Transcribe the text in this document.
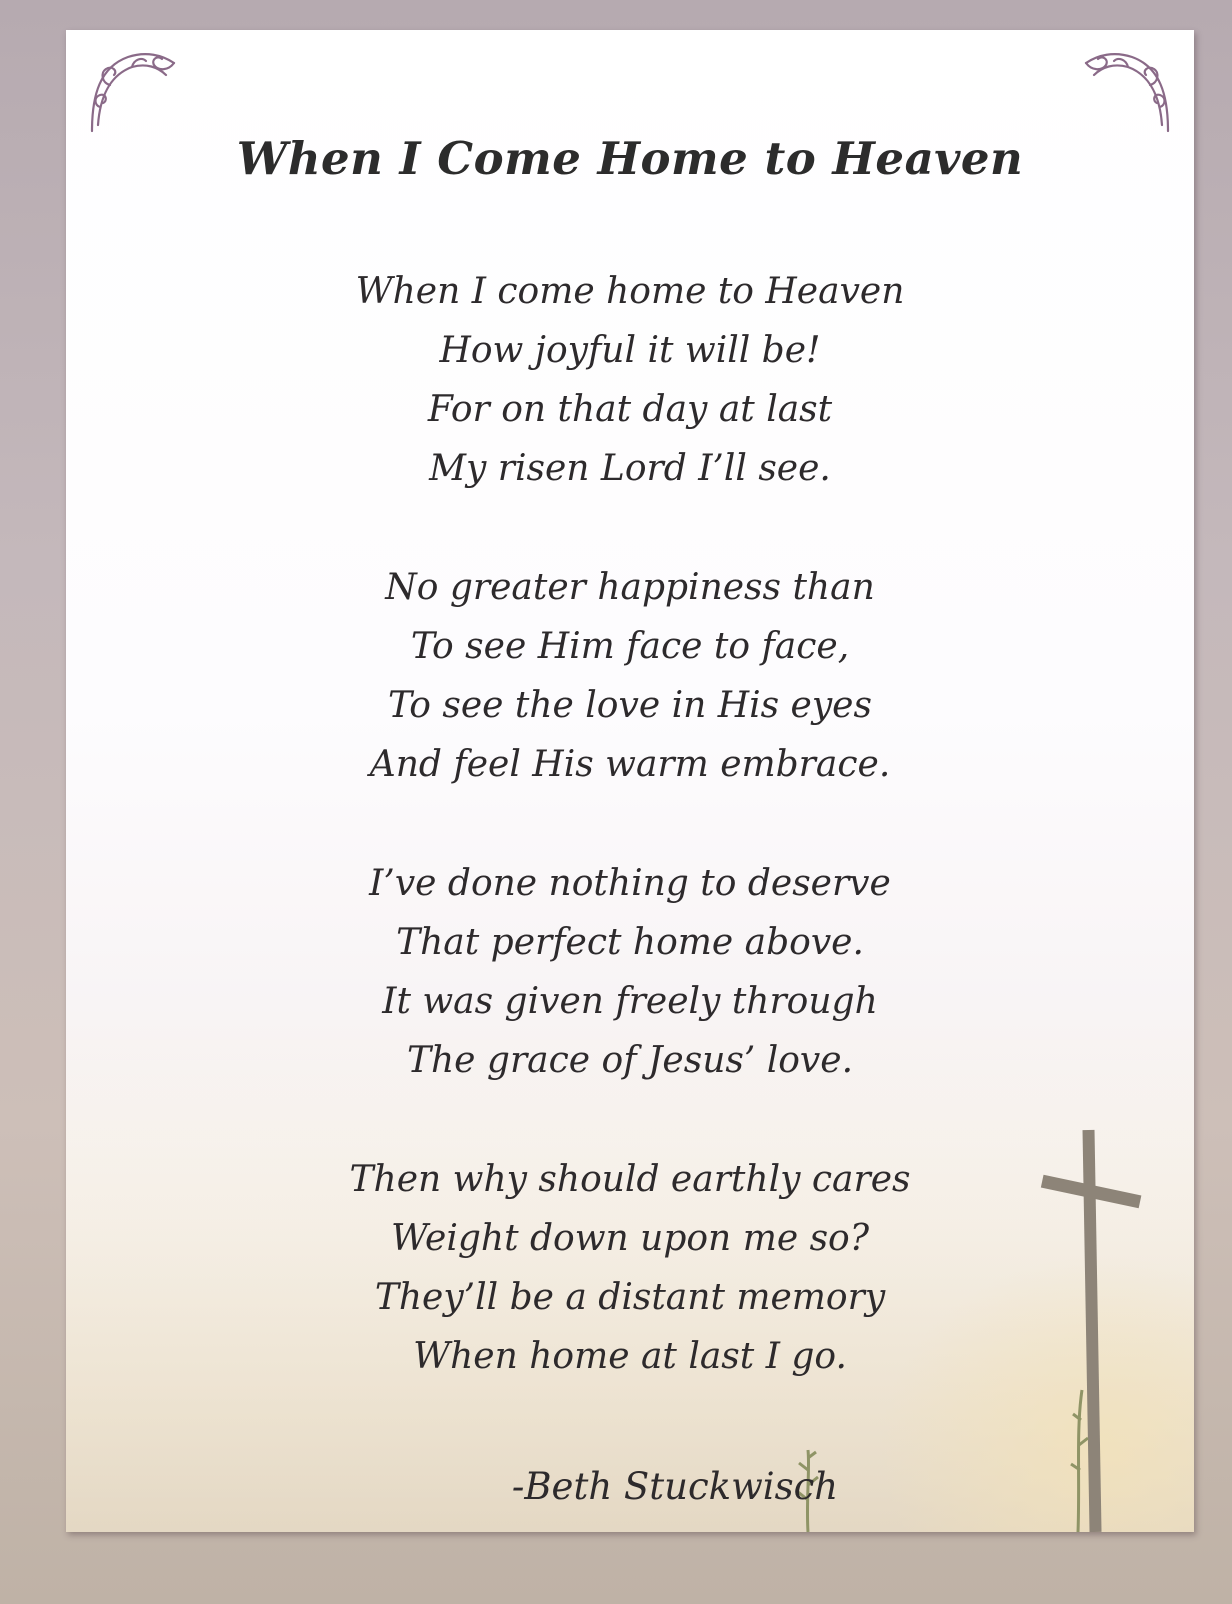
When I Come Home to Heaven
When I come home to Heaven
How joyful it will be!
For on that day at last
My risen Lord I’ll see.
No greater happiness than
To see Him face to face,
To see the love in His eyes
And feel His warm embrace.
I’ve done nothing to deserve
That perfect home above.
It was given freely through
The grace of Jesus’ love.
Then why should earthly cares
Weight down upon me so?
They’ll be a distant memory
When home at last I go.

-Beth Stuckwisch
